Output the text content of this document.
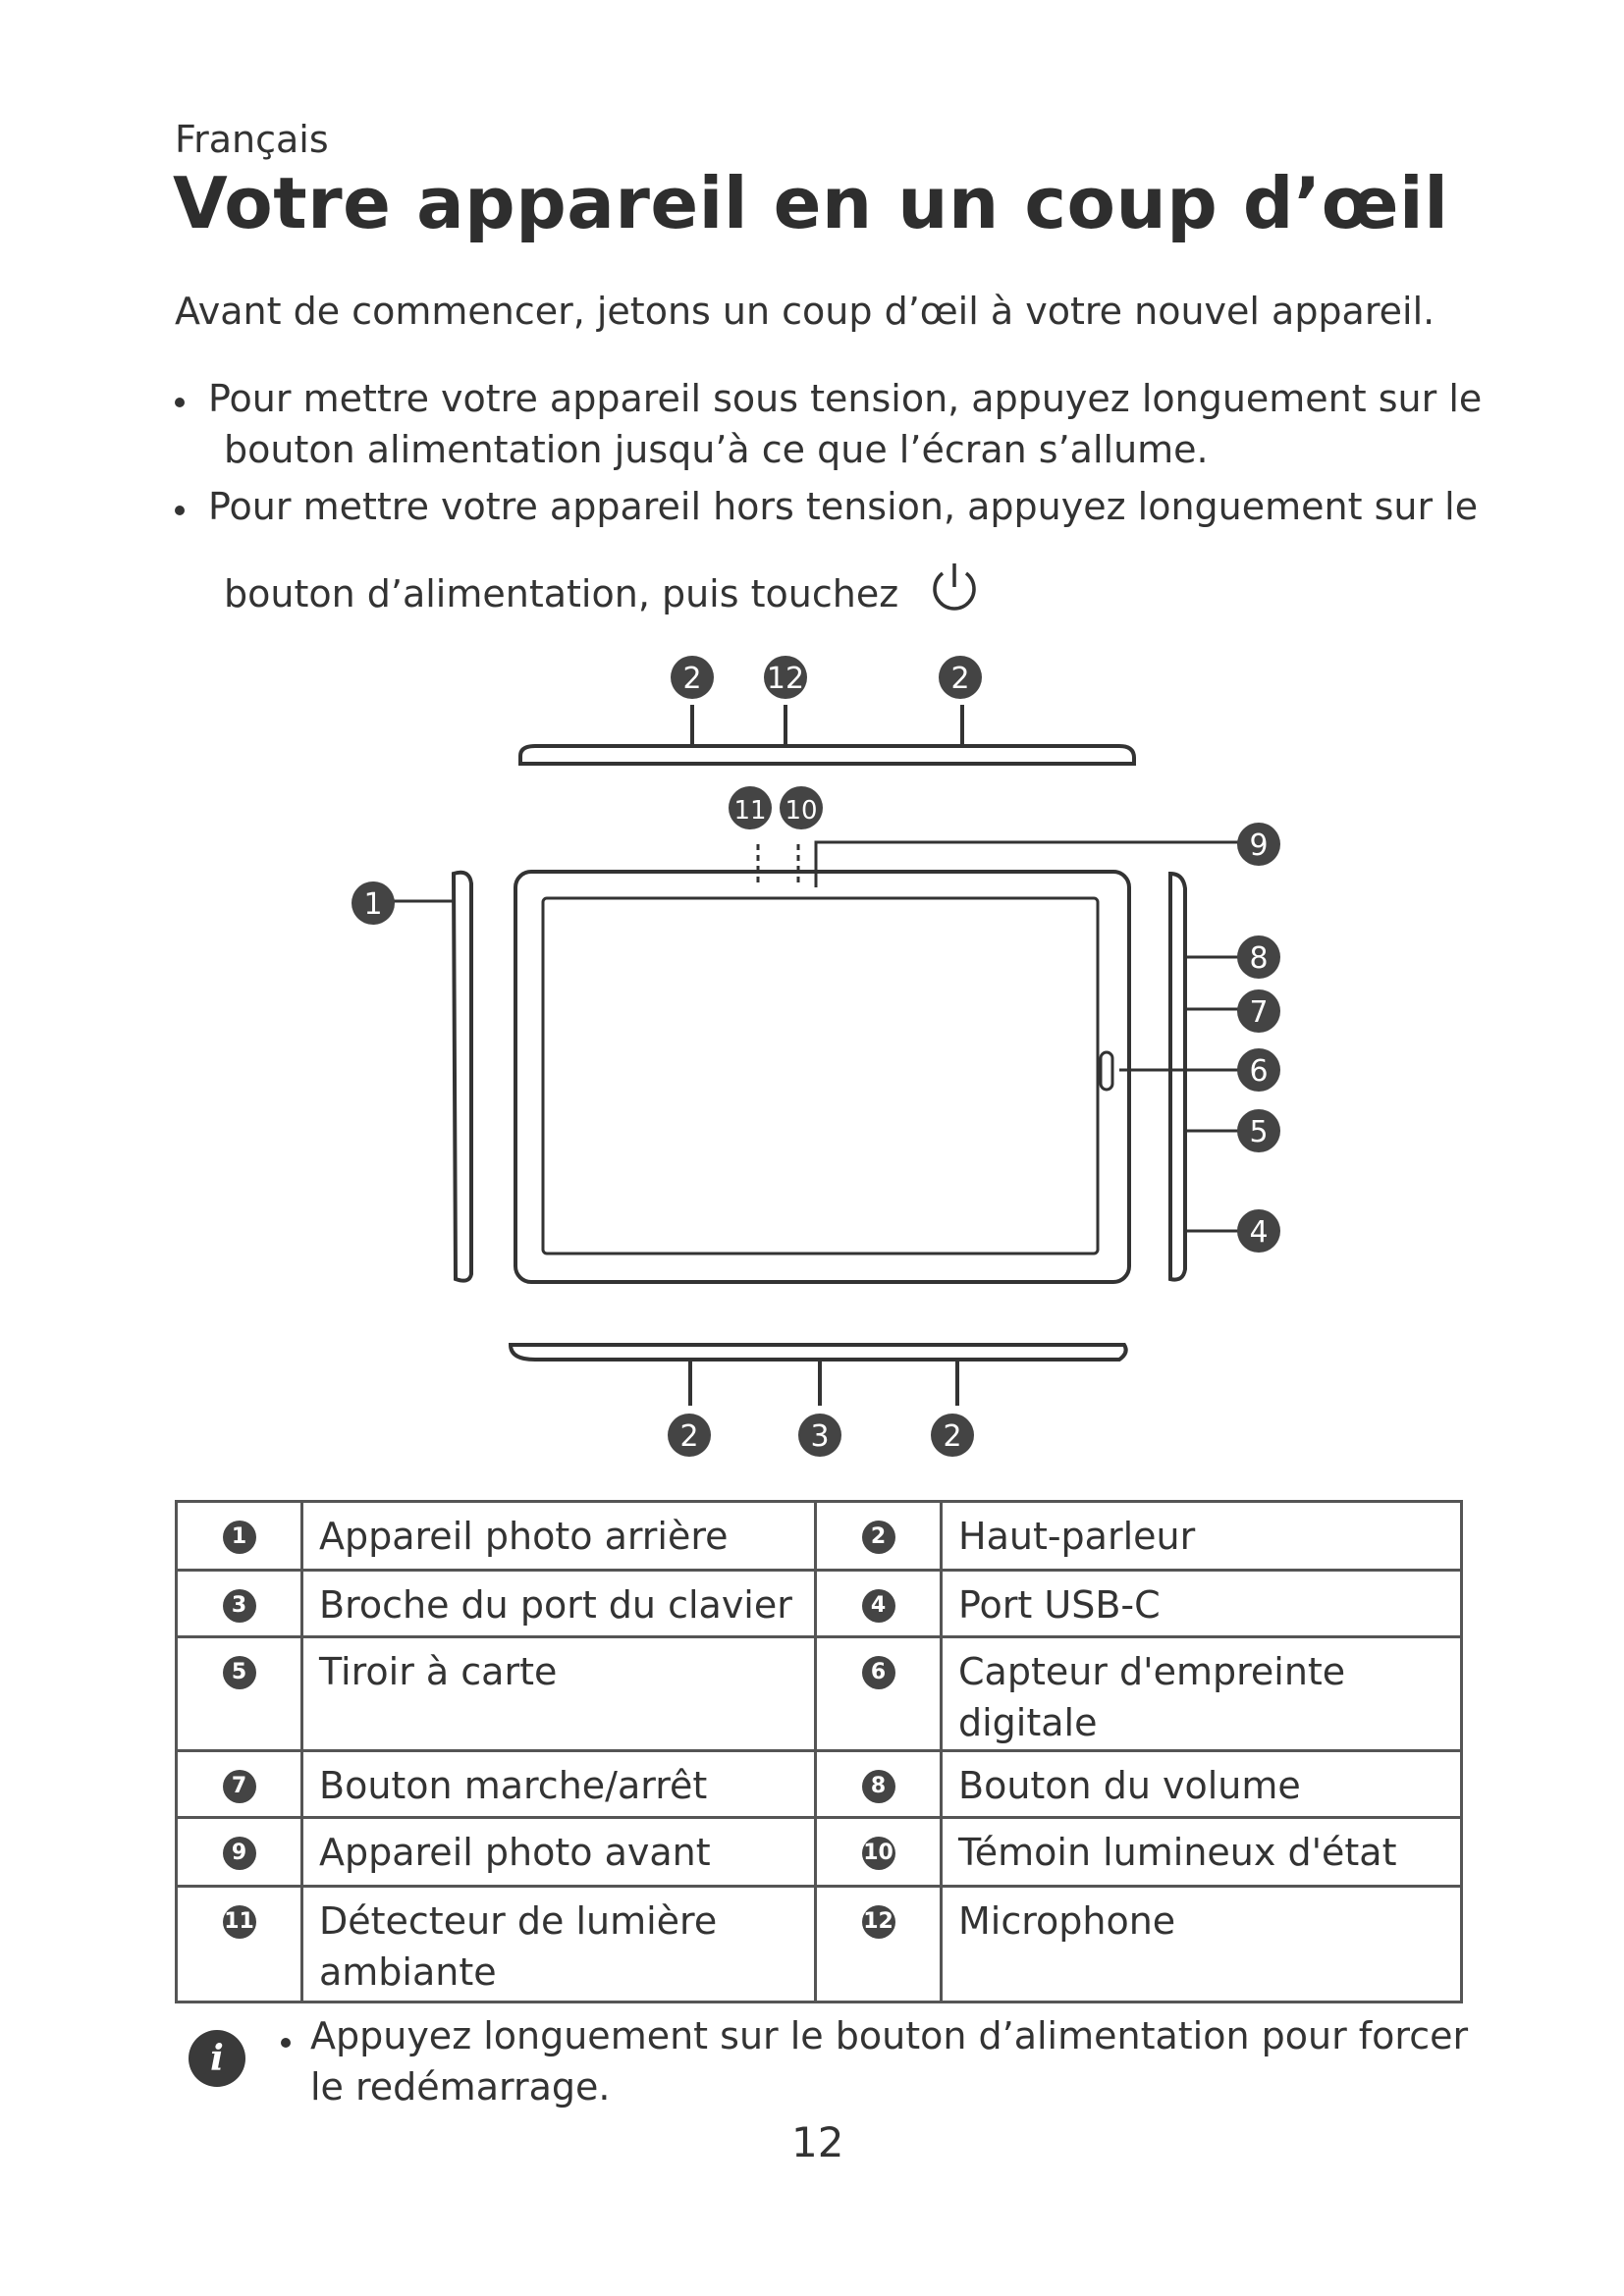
Français
Votre appareil en un coup d’œil
Avant de commencer, jetons un coup d’œil à votre nouvel appareil.
Pour mettre votre appareil sous tension, appuyez longuement sur le
bouton alimentation jusqu’à ce que l’écran s’allume.
Pour mettre votre appareil hors tension, appuyez longuement sur le
bouton d’alimentation, puis touchez
2 12	2
11 10
1
9
8
7
6
5
4
2	3	2
1	Appareil photo arrière	2	Haut-parleur

3	Broche du port du clavier	4	Port USB-C

5	Tiroir à carte	6	Capteur d'empreinte digitale

7	Bouton marche/arrêt	8	Bouton du volume

9	Appareil photo avant	10	Témoin lumineux d'état

11	Détecteur de lumière ambiante	12	Microphone
i
Appuyez longuement sur le bouton d’alimentation pour forcer le redémarrage.
12
